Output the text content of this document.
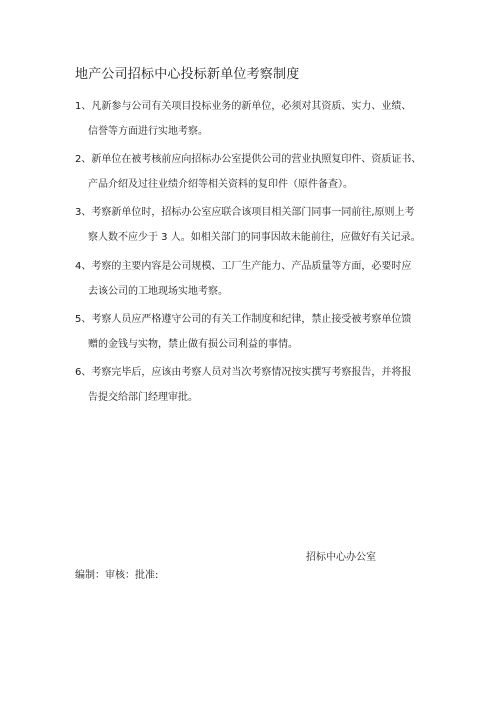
地产公司招标中心投标新单位考察制度
1、凡新参与公司有关项目投标业务的新单位，必须对其资质、实力、业绩、
信誉等方面进行实地考察。
2、新单位在被考核前应向招标办公室提供公司的营业执照复印件、资质证书、
产品介绍及过往业绩介绍等相关资料的复印件（原件备查）。
3、考察新单位时，招标办公室应联合该项目相关部门同事一同前往,原则上考
察人数不应少于 3 人。如相关部门的同事因故未能前往，应做好有关记录。
4、考察的主要内容是公司规模、工厂生产能力、产品质量等方面，必要时应
去该公司的工地现场实地考察。
5、考察人员应严格遵守公司的有关工作制度和纪律，禁止接受被考察单位馈
赠的金钱与实物，禁止做有损公司利益的事情。
6、考察完毕后，应该由考察人员对当次考察情况按实撰写考察报告，并将报
告提交给部门经理审批。
招标中心办公室
编制：审核：批准:
